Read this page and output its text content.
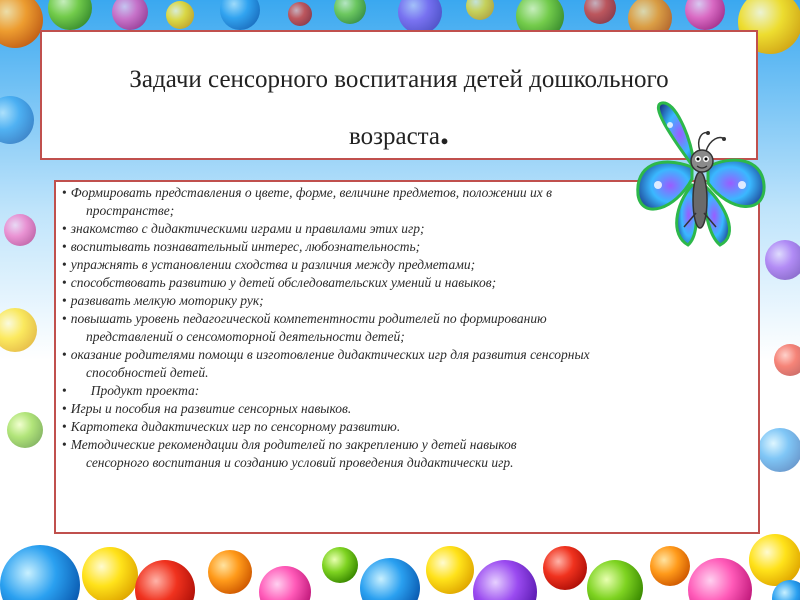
Задачи сенсорного воспитания детей дошкольного
возраста.
• Формировать представления о цвете, форме, величине предметов, положении их в
пространстве;
• знакомство с дидактическими играми и правилами этих игр;
• воспитывать познавательный интерес, любознательность;
• упражнять в установлении сходства и различия между предметами;
• способствовать развитию у детей обследовательских умений и навыков;
• развивать мелкую моторику рук;
• повышать уровень педагогической компетентности родителей по формированию
представлений о сенсомоторной деятельности детей;
• оказание родителями помощи в изготовление дидактических игр для развития сенсорных
способностей детей.
• Продукт проекта:
• Игры и пособия на развитие сенсорных навыков.
• Картотека дидактических игр по сенсорному развитию.
• Методические рекомендации для родителей по закреплению у детей навыков
сенсорного воспитания и созданию условий проведения дидактически игр.
